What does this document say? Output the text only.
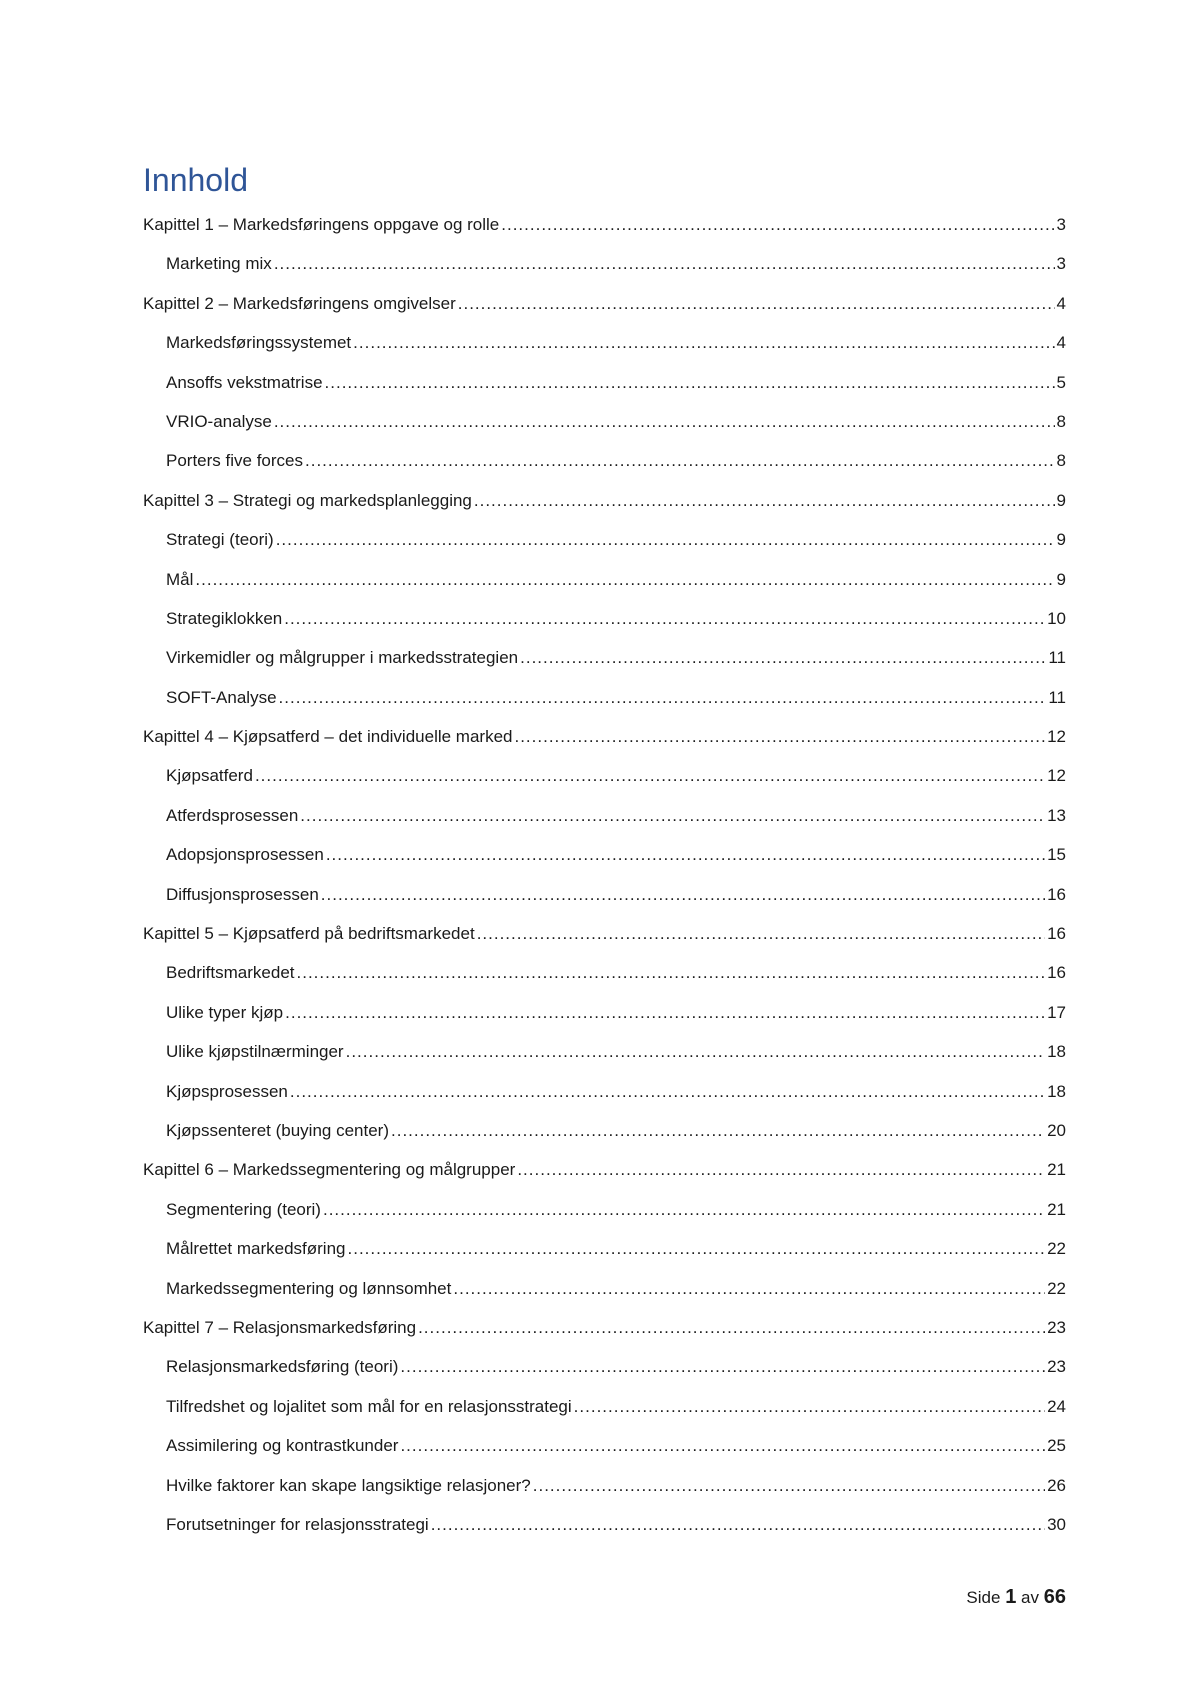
Innhold
Kapittel 1 – Markedsføringens oppgave og rolle .....	3
Marketing mix .....	3
Kapittel 2 – Markedsføringens omgivelser .....	4
Markedsføringssystemet .....	4
Ansoffs vekstmatrise .....	5
VRIO-analyse .....	8
Porters five forces .....	8
Kapittel 3 – Strategi og markedsplanlegging .....	9
Strategi (teori) .....	9
Mål .....	9
Strategiklokken .....	10
Virkemidler og målgrupper i markedsstrategien .....	11
SOFT-Analyse .....	11
Kapittel 4 – Kjøpsatferd – det individuelle marked .....	12
Kjøpsatferd .....	12
Atferdsprosessen .....	13
Adopsjonsprosessen .....	15
Diffusjonsprosessen .....	16
Kapittel 5 – Kjøpsatferd på bedriftsmarkedet .....	16
Bedriftsmarkedet .....	16
Ulike typer kjøp .....	17
Ulike kjøpstilnærminger .....	18
Kjøpsprosessen .....	18
Kjøpssenteret (buying center) .....	20
Kapittel 6 – Markedssegmentering og målgrupper .....	21
Segmentering (teori) .....	21
Målrettet markedsføring .....	22
Markedssegmentering og lønnsomhet .....	22
Kapittel 7 – Relasjonsmarkedsføring .....	23
Relasjonsmarkedsføring (teori) .....	23
Tilfredshet og lojalitet som mål for en relasjonsstrategi .....	24
Assimilering og kontrastkunder .....	25
Hvilke faktorer kan skape langsiktige relasjoner? .....	26
Forutsetninger for relasjonsstrategi .....	30
Side 1 av 66
